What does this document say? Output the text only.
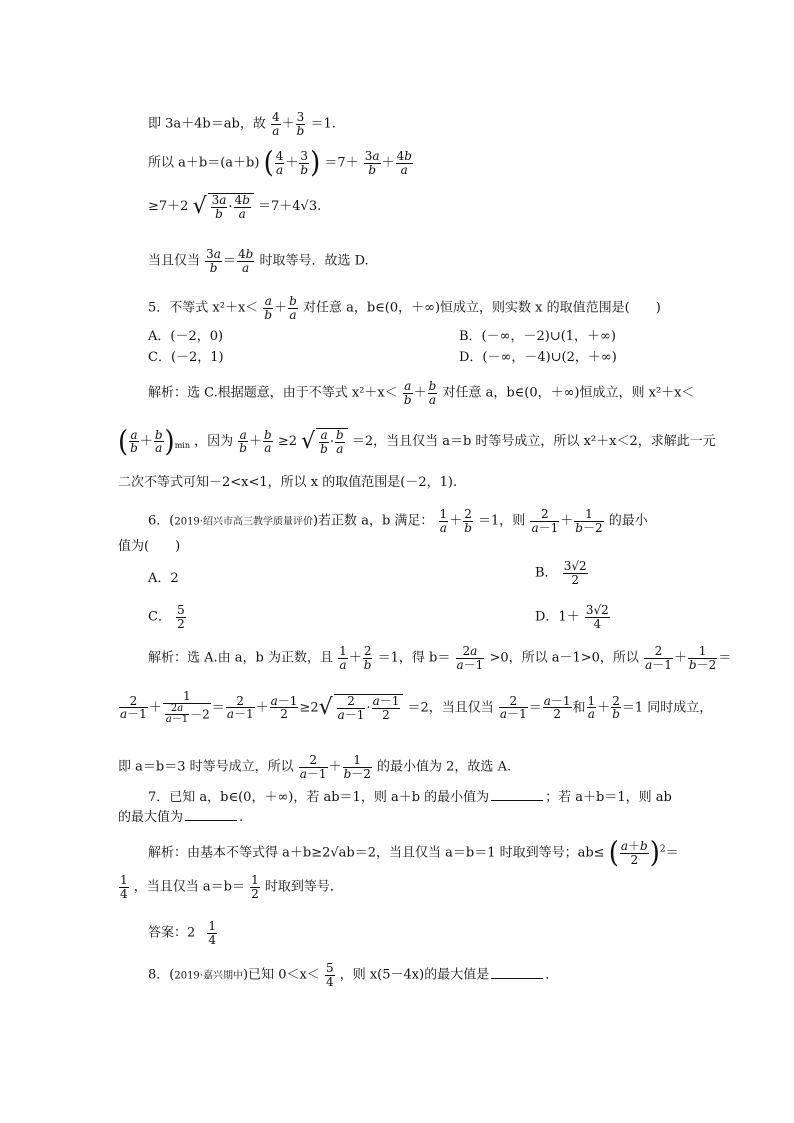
即 3a＋4b＝ab，故 $\frac{4}{a} + \frac{3}{b} =1$.
所以 a＋b＝(a＋b) ( $\frac{4}{a} + \frac{3}{b}$ ) $=7+ \frac{3a}{b} + \frac{4b}{a}$
≥7＋2 √ $\frac{3a}{b} \cdot \frac{4b}{a} =7+4√3$.
当且仅当 $\frac{3a}{b} = \frac{4b}{a}$ 时取等号．故选 D.
5．不等式 $x^2+x< \frac{a}{b} + \frac{b}{a}$ 对任意 a，b∈(0，＋∞)恒成立，则实数 x 的取值范围是(　　)
A．(－2，0)	B．(－∞，－2)∪(1，＋∞)
C．(－2，1)	D．(－∞，－4)∪(2，＋∞)
解析：选 C.根据题意，由于不等式 $x^2+x< \frac{a}{b} + \frac{b}{a}$ 对任意 a，b∈(0，＋∞)恒成立，则 x²＋x＜
( $\frac{a}{b} + \frac{b}{a} )_{min}$ ，因为 $\frac{a}{b} + \frac{b}{a} \ge 2$ √ $\frac{a}{b} \cdot \frac{b}{a} =2$，当且仅当 a＝b 时等号成立，所以 x²＋x＜2，求解此一元
二次不等式可知－2<x<1，所以 x 的取值范围是(－2，1).
6．(2019·绍兴市高三教学质量评价)若正数 a，b 满足： $\frac{1}{a} + \frac{2}{b} =1$，则 $\frac{2}{a-1} + \frac{1}{b-2}$ 的最小
值为(　　)
A．2	B． $\frac{3√2}{2}$
C． $\frac{5}{2}$	D．$1+ \frac{3√2}{4}$
解析：选 A.由 a，b 为正数，且 $\frac{1}{a} + \frac{2}{b} =1$，得 $b= \frac{2a}{a-1} >0$，所以 a－1>0，所以 $\frac{2}{a-1} + \frac{1}{b-2}$ ＝
$\frac{2}{a-1} + \frac{1}{\frac{2a}{a-1} -2} = \frac{2}{a-1} + \frac{a-1}{2} \ge 2√ \frac{2}{a-1} \cdot \frac{a-1}{2} =2$，当且仅当 $\frac{2}{a-1} = \frac{a-1}{2}$ 和 $\frac{1}{a} + \frac{2}{b} =1$ 同时成立，
即 a＝b＝3 时等号成立，所以 $\frac{2}{a-1} + \frac{1}{b-2}$ 的最小值为 2，故选 A.
7．已知 a，b∈(0，＋∞)，若 ab＝1，则 a＋b 的最小值为	；若 a＋b＝1，则 ab
的最大值为	.
解析：由基本不等式得 a＋b≥2√ab＝2，当且仅当 a＝b＝1 时取到等号；ab≤ ( $\frac{a+b}{2} )^2=$
$\frac{1}{4}$ ，当且仅当 $a=b= \frac{1}{2}$ 时取到等号．
答案：$2 \frac{1}{4}$
8．(2019·嘉兴期中)已知 $0<x< \frac{5}{4}$ ，则 x(5－4x)的最大值是	．
